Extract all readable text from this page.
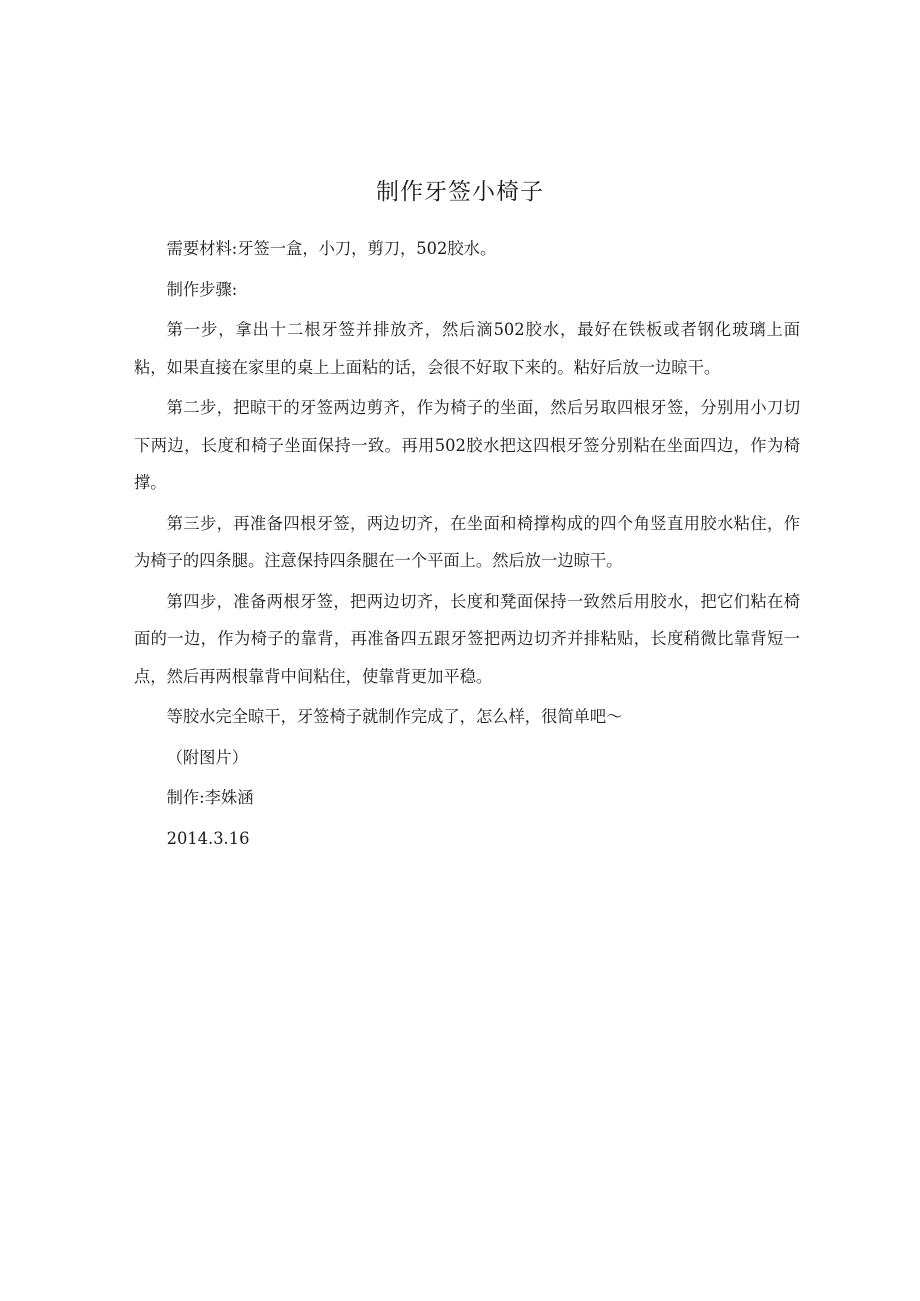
制作牙签小椅子

需要材料:牙签一盒，小刀，剪刀，502胶水。

制作步骤:

第一步，拿出十二根牙签并排放齐，然后滴502胶水，最好在铁板或者钢化玻璃上面粘，如果直接在家里的桌上上面粘的话，会很不好取下来的。粘好后放一边晾干。

第二步，把晾干的牙签两边剪齐，作为椅子的坐面，然后另取四根牙签，分别用小刀切下两边，长度和椅子坐面保持一致。再用502胶水把这四根牙签分别粘在坐面四边，作为椅撑。

第三步，再准备四根牙签，两边切齐，在坐面和椅撑构成的四个角竖直用胶水粘住，作为椅子的四条腿。注意保持四条腿在一个平面上。然后放一边晾干。

第四步，准备两根牙签，把两边切齐，长度和凳面保持一致然后用胶水，把它们粘在椅面的一边，作为椅子的靠背，再准备四五跟牙签把两边切齐并排粘贴，长度稍微比靠背短一点，然后再两根靠背中间粘住，使靠背更加平稳。

等胶水完全晾干，牙签椅子就制作完成了，怎么样，很简单吧～

（附图片）

制作:李姝涵

2014.3.16
